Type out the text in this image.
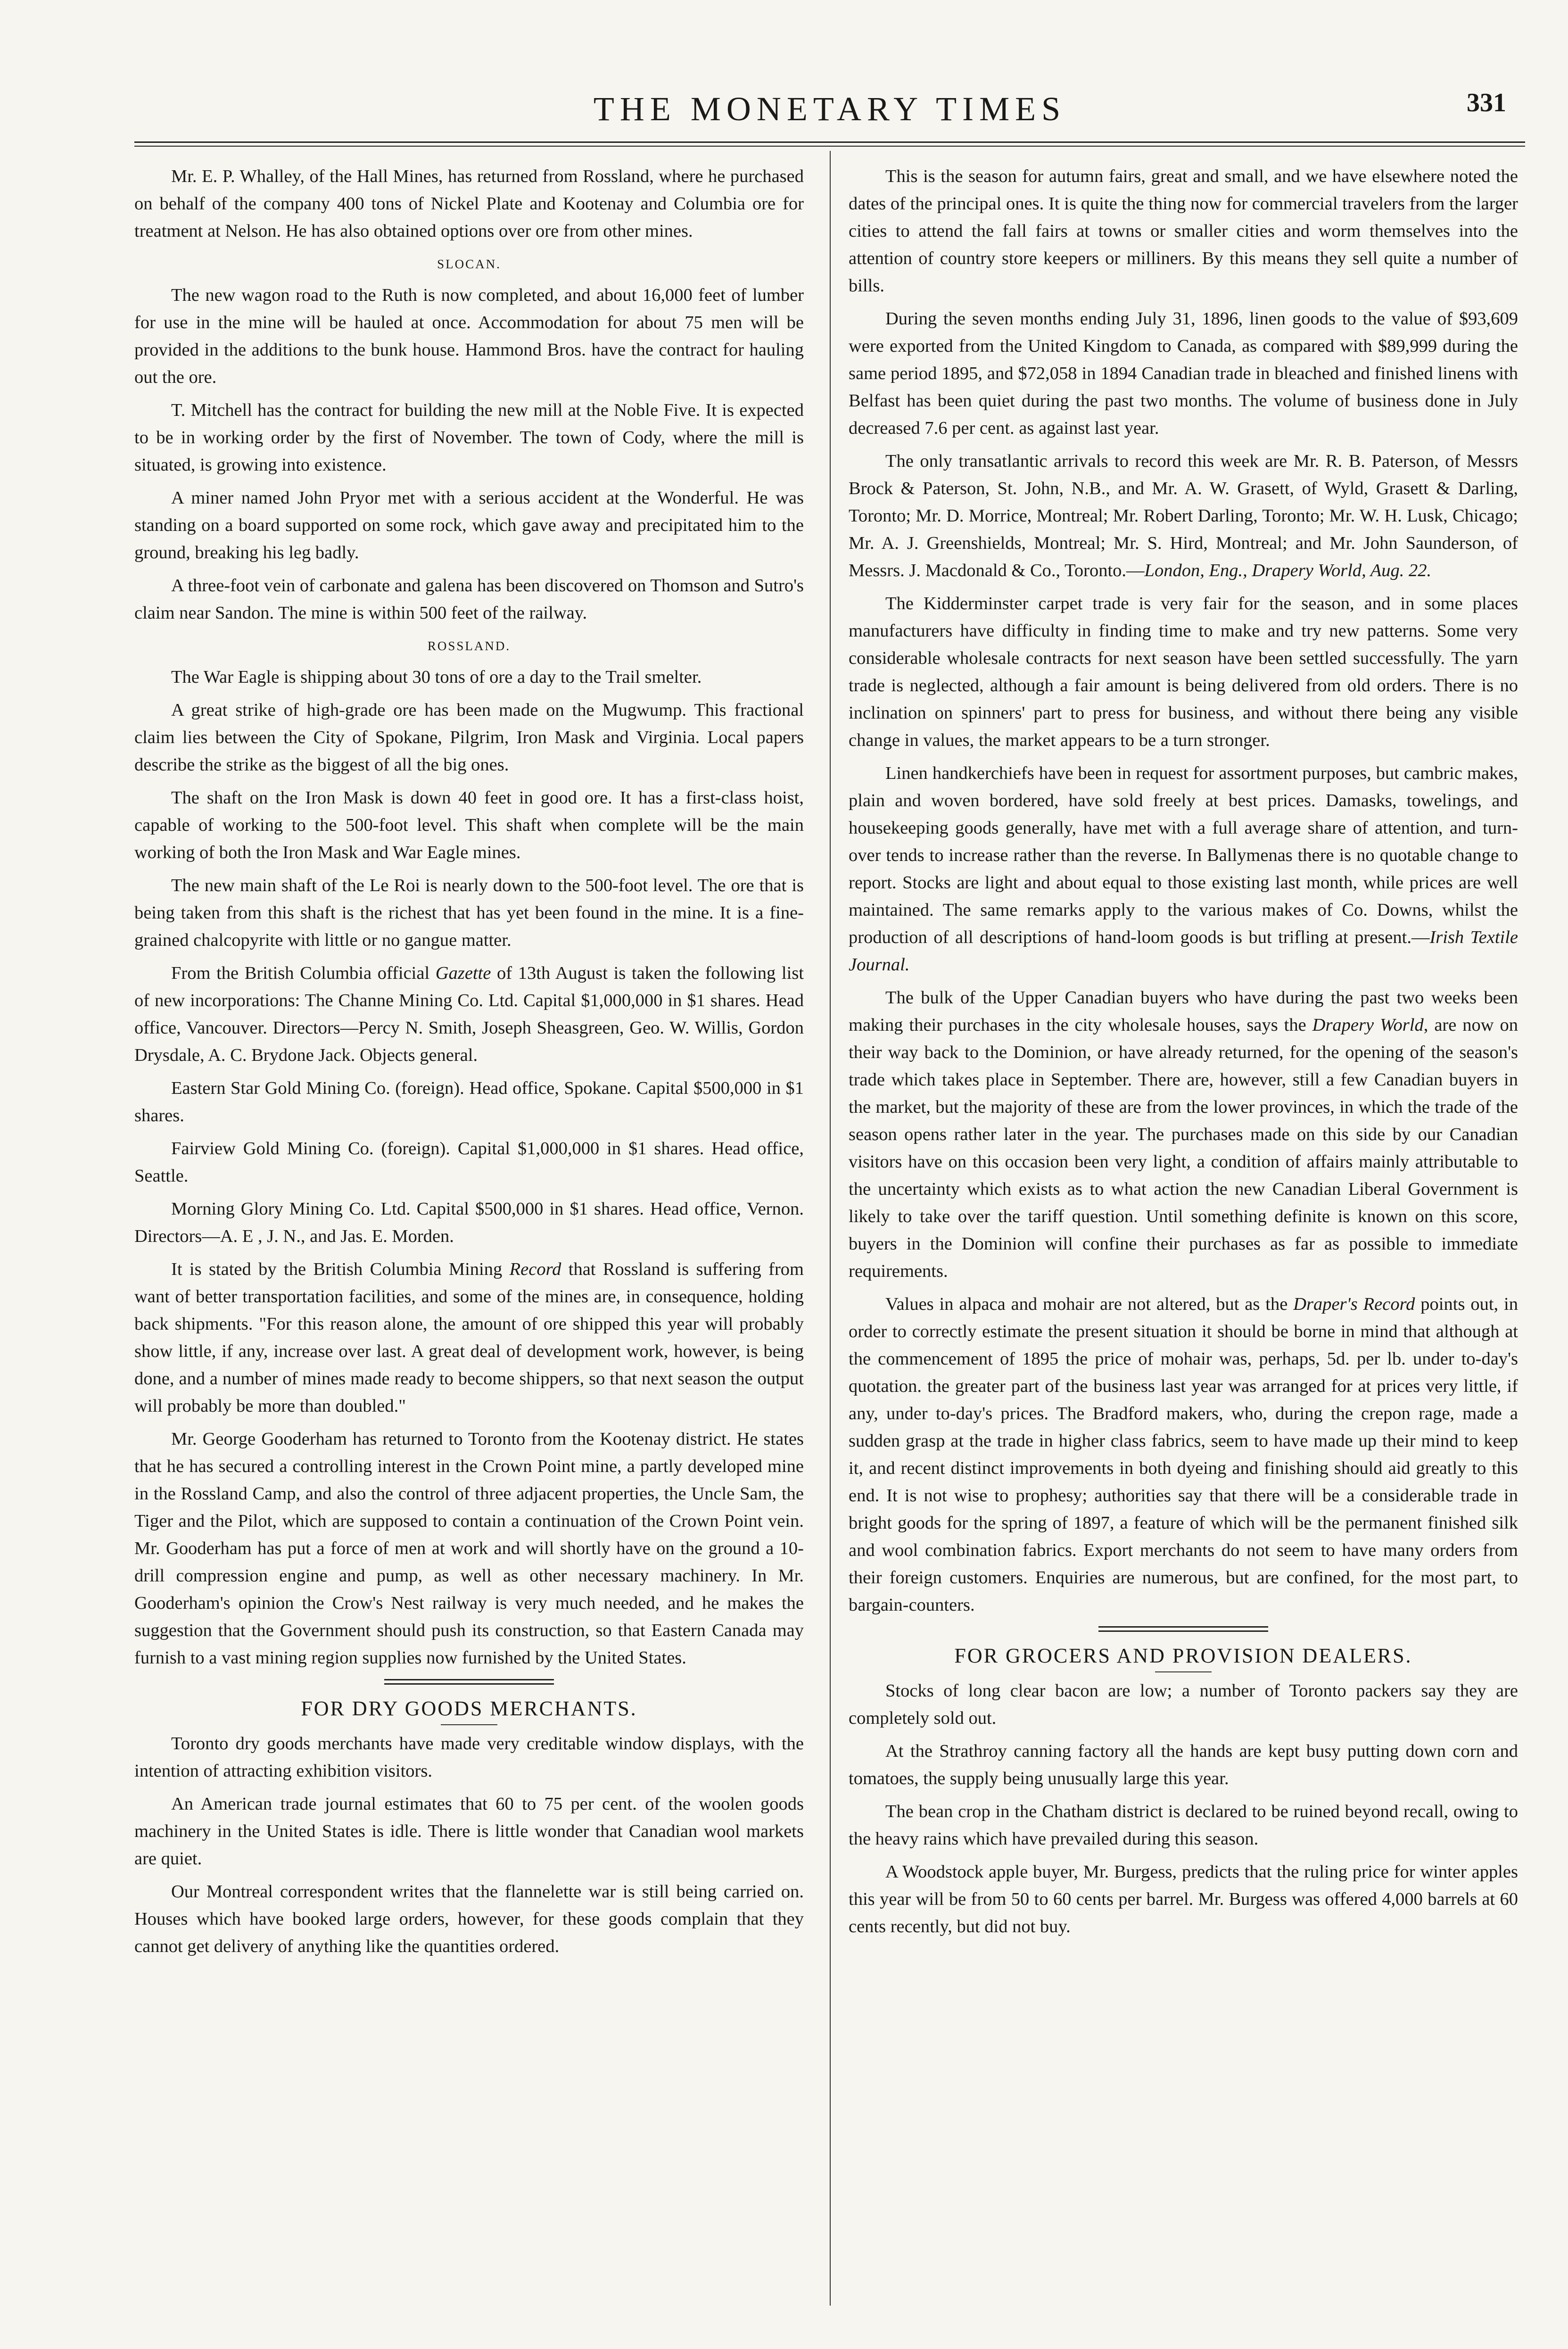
THE MONETARY TIMES	331

Mr. E. P. Whalley, of the Hall Mines, has returned from Rossland, where he purchased on behalf of the company 400 tons of Nickel Plate and Kootenay and Columbia ore for treatment at Nelson. He has also obtained options over ore from other mines.

SLOCAN.

The new wagon road to the Ruth is now completed, and about 16,000 feet of lumber for use in the mine will be hauled at once. Accommodation for about 75 men will be provided in the additions to the bunk house. Hammond Bros. have the contract for hauling out the ore.

T. Mitchell has the contract for building the new mill at the Noble Five. It is expected to be in working order by the first of November. The town of Cody, where the mill is situated, is growing into existence.

A miner named John Pryor met with a serious accident at the Wonderful. He was standing on a board supported on some rock, which gave away and precipitated him to the ground, breaking his leg badly.

A three-foot vein of carbonate and galena has been discovered on Thomson and Sutro's claim near Sandon. The mine is within 500 feet of the railway.

ROSSLAND.

The War Eagle is shipping about 30 tons of ore a day to the Trail smelter.

A great strike of high-grade ore has been made on the Mugwump. This fractional claim lies between the City of Spokane, Pilgrim, Iron Mask and Virginia. Local papers describe the strike as the biggest of all the big ones.

The shaft on the Iron Mask is down 40 feet in good ore. It has a first-class hoist, capable of working to the 500-foot level. This shaft when complete will be the main working of both the Iron Mask and War Eagle mines.

The new main shaft of the Le Roi is nearly down to the 500-foot level. The ore that is being taken from this shaft is the richest that has yet been found in the mine. It is a fine-grained chalcopyrite with little or no gangue matter.

From the British Columbia official Gazette of 13th August is taken the following list of new incorporations: The Channe Mining Co. Ltd. Capital $1,000,000 in $1 shares. Head office, Vancouver. Directors—Percy N. Smith, Joseph Sheasgreen, Geo. W. Willis, Gordon Drysdale, A. C. Brydone Jack. Objects general.

Eastern Star Gold Mining Co. (foreign). Head office, Spokane. Capital $500,000 in $1 shares.

Fairview Gold Mining Co. (foreign). Capital $1,000,000 in $1 shares. Head office, Seattle.

Morning Glory Mining Co. Ltd. Capital $500,000 in $1 shares. Head office, Vernon. Directors—A. E , J. N., and Jas. E. Morden.

It is stated by the British Columbia Mining Record that Rossland is suffering from want of better transportation facilities, and some of the mines are, in consequence, holding back shipments. "For this reason alone, the amount of ore shipped this year will probably show little, if any, increase over last. A great deal of development work, however, is being done, and a number of mines made ready to become shippers, so that next season the output will probably be more than doubled."

Mr. George Gooderham has returned to Toronto from the Kootenay district. He states that he has secured a controlling interest in the Crown Point mine, a partly developed mine in the Rossland Camp, and also the control of three adjacent properties, the Uncle Sam, the Tiger and the Pilot, which are supposed to contain a continuation of the Crown Point vein. Mr. Gooderham has put a force of men at work and will shortly have on the ground a 10-drill compression engine and pump, as well as other necessary machinery. In Mr. Gooderham's opinion the Crow's Nest railway is very much needed, and he makes the suggestion that the Government should push its construction, so that Eastern Canada may furnish to a vast mining region supplies now furnished by the United States.

FOR DRY GOODS MERCHANTS.

Toronto dry goods merchants have made very creditable window displays, with the intention of attracting exhibition visitors.

An American trade journal estimates that 60 to 75 per cent. of the woolen goods machinery in the United States is idle. There is little wonder that Canadian wool markets are quiet.

Our Montreal correspondent writes that the flannelette war is still being carried on. Houses which have booked large orders, however, for these goods complain that they cannot get delivery of anything like the quantities ordered.

This is the season for autumn fairs, great and small, and we have elsewhere noted the dates of the principal ones. It is quite the thing now for commercial travelers from the larger cities to attend the fall fairs at towns or smaller cities and worm themselves into the attention of country store keepers or milliners. By this means they sell quite a number of bills.

During the seven months ending July 31, 1896, linen goods to the value of $93,609 were exported from the United Kingdom to Canada, as compared with $89,999 during the same period 1895, and $72,058 in 1894 Canadian trade in bleached and finished linens with Belfast has been quiet during the past two months. The volume of business done in July decreased 7.6 per cent. as against last year.

The only transatlantic arrivals to record this week are Mr. R. B. Paterson, of Messrs Brock & Paterson, St. John, N.B., and Mr. A. W. Grasett, of Wyld, Grasett & Darling, Toronto; Mr. D. Morrice, Montreal; Mr. Robert Darling, Toronto; Mr. W. H. Lusk, Chicago; Mr. A. J. Greenshields, Montreal; Mr. S. Hird, Montreal; and Mr. John Saunderson, of Messrs. J. Macdonald & Co., Toronto.—London, Eng., Drapery World, Aug. 22.

The Kidderminster carpet trade is very fair for the season, and in some places manufacturers have difficulty in finding time to make and try new patterns. Some very considerable wholesale contracts for next season have been settled successfully. The yarn trade is neglected, although a fair amount is being delivered from old orders. There is no inclination on spinners' part to press for business, and without there being any visible change in values, the market appears to be a turn stronger.

Linen handkerchiefs have been in request for assortment purposes, but cambric makes, plain and woven bordered, have sold freely at best prices. Damasks, towelings, and housekeeping goods generally, have met with a full average share of attention, and turn-over tends to increase rather than the reverse. In Ballymenas there is no quotable change to report. Stocks are light and about equal to those existing last month, while prices are well maintained. The same remarks apply to the various makes of Co. Downs, whilst the production of all descriptions of hand-loom goods is but trifling at present.—Irish Textile Journal.

The bulk of the Upper Canadian buyers who have during the past two weeks been making their purchases in the city wholesale houses, says the Drapery World, are now on their way back to the Dominion, or have already returned, for the opening of the season's trade which takes place in September. There are, however, still a few Canadian buyers in the market, but the majority of these are from the lower provinces, in which the trade of the season opens rather later in the year. The purchases made on this side by our Canadian visitors have on this occasion been very light, a condition of affairs mainly attributable to the uncertainty which exists as to what action the new Canadian Liberal Government is likely to take over the tariff question. Until something definite is known on this score, buyers in the Dominion will confine their purchases as far as possible to immediate requirements.

Values in alpaca and mohair are not altered, but as the Draper's Record points out, in order to correctly estimate the present situation it should be borne in mind that although at the commencement of 1895 the price of mohair was, perhaps, 5d. per lb. under to-day's quotation. the greater part of the business last year was arranged for at prices very little, if any, under to-day's prices. The Bradford makers, who, during the crepon rage, made a sudden grasp at the trade in higher class fabrics, seem to have made up their mind to keep it, and recent distinct improvements in both dyeing and finishing should aid greatly to this end. It is not wise to prophesy; authorities say that there will be a considerable trade in bright goods for the spring of 1897, a feature of which will be the permanent finished silk and wool combination fabrics. Export merchants do not seem to have many orders from their foreign customers. Enquiries are numerous, but are confined, for the most part, to bargain-counters.

FOR GROCERS AND PROVISION DEALERS.

Stocks of long clear bacon are low; a number of Toronto packers say they are completely sold out.

At the Strathroy canning factory all the hands are kept busy putting down corn and tomatoes, the supply being unusually large this year.

The bean crop in the Chatham district is declared to be ruined beyond recall, owing to the heavy rains which have prevailed during this season.

A Woodstock apple buyer, Mr. Burgess, predicts that the ruling price for winter apples this year will be from 50 to 60 cents per barrel. Mr. Burgess was offered 4,000 barrels at 60 cents recently, but did not buy.
